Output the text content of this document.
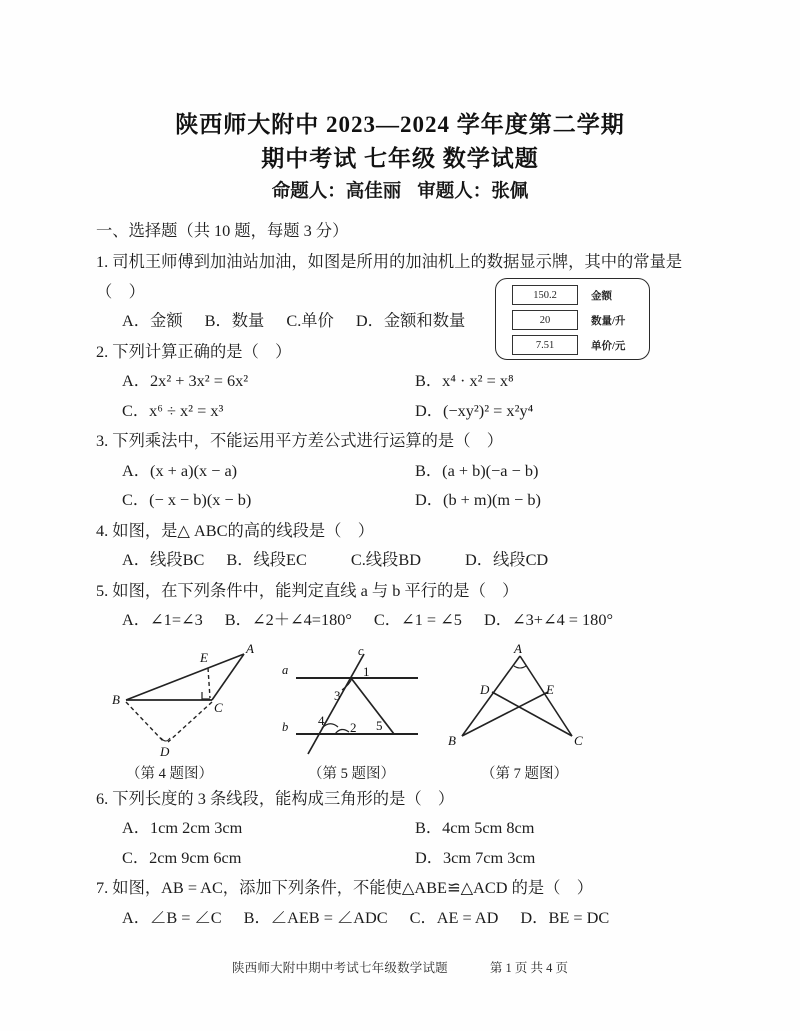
陕西师大附中 2023—2024 学年度第二学期
期中考试 七年级 数学试题
命题人：高佳丽 审题人：张佩
一、选择题（共 10 题，每题 3 分）
1. 司机王师傅到加油站加油，如图是所用的加油机上的数据显示牌，其中的常量是（　）
A．金额 B．数量 C.单价 D．金额和数量
2. 下列计算正确的是（　）
A．2x² + 3x² = 6x²	B．x⁴ · x² = x⁸
C．x⁶ ÷ x² = x³	D．(−xy²)² = x²y⁴
3. 下列乘法中，不能运用平方差公式进行运算的是（　）
A．(x + a)(x − a)	B．(a + b)(−a − b)
C．(− x − b)(x − b)	D．(b + m)(m − b)
4. 如图，是△ ABC的高的线段是（　）
A．线段BC B．线段EC	C.线段BD	D．线段CD
5. 如图，在下列条件中，能判定直线 a 与 b 平行的是（　）
A．∠1=∠3 B．∠2＋∠4=180° C．∠1 = ∠5 D．∠3+∠4 = 180°
6. 下列长度的 3 条线段，能构成三角形的是（　）
A．1cm 2cm 3cm	B．4cm 5cm 8cm
C．2cm 9cm 6cm	D．3cm 7cm 3cm
7. 如图，AB = AC，添加下列条件，不能使△ABE≌△ACD 的是（　）
A．∠B = ∠C B．∠AEB = ∠ADC C．AE = AD D．BE = DC
150.2	金额
20	数量/升
7.51	单价/元
A
B
C
D
E
a
b
c
1
2
3
4	5
A
B	C
D	E
（第 4 题图）	（第 5 题图）	（第 7 题图）
陕西师大附中期中考试七年级数学试题	第 1 页 共 4 页
